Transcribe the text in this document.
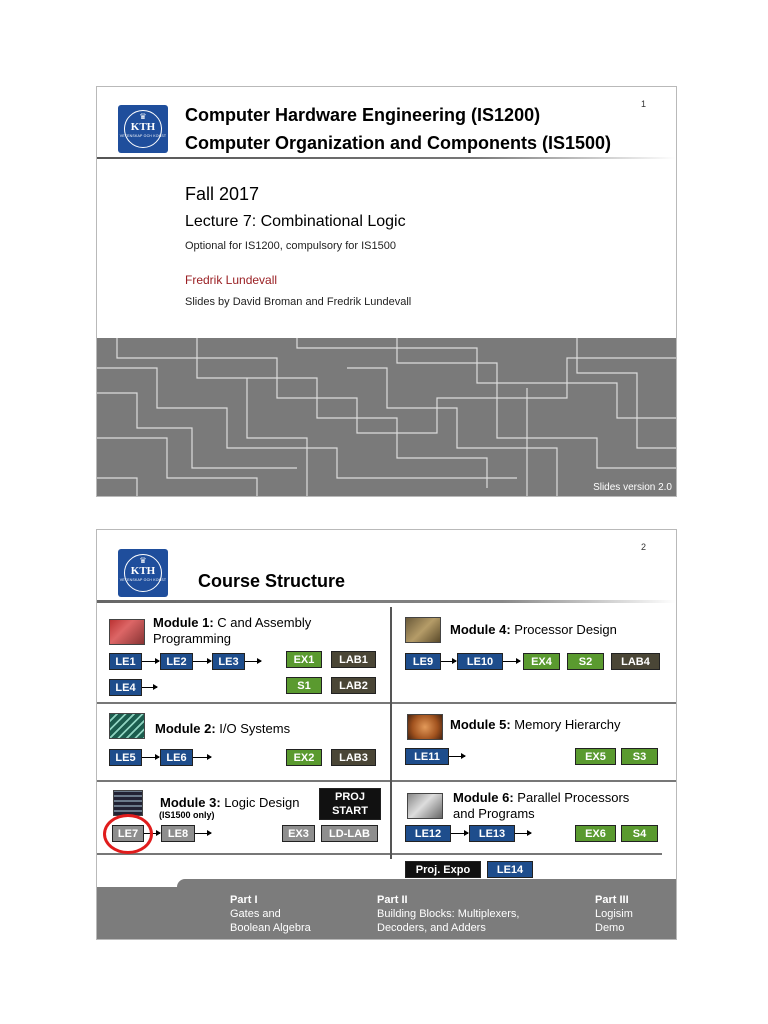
1
♛
KTH
VETENSKAP OCH KONST
Computer Hardware Engineering (IS1200)
Computer Organization and Components (IS1500)
Fall 2017
Lecture 7: Combinational Logic
Optional for IS1200, compulsory for IS1500
Fredrik Lundevall
Slides by David Broman and Fredrik Lundevall
Slides version 2.0
2
♛
KTH
VETENSKAP OCH KONST Course Structure
Module 1: C and Assembly
Programming
LE1	LE2	LE3	EX1	LAB1
LE4	S1	LAB2
Module 2: I/O Systems
LE5	LE6	EX2	LAB3
Module 3: Logic Design
(IS1500 only)
PROJ
START
LE7	LE8	EX3	LD-LAB
Module 4: Processor Design
LE9	LE10	EX4	S2	LAB4
Module 5: Memory Hierarchy
LE11	EX5	S3
Module 6: Parallel Processors
and Programs
LE12	LE13	EX6	S4
Proj. Expo	LE14
Part I
Gates and
Boolean Algebra
Part II
Building Blocks: Multiplexers,
Decoders, and Adders
Part III
Logisim
Demo
